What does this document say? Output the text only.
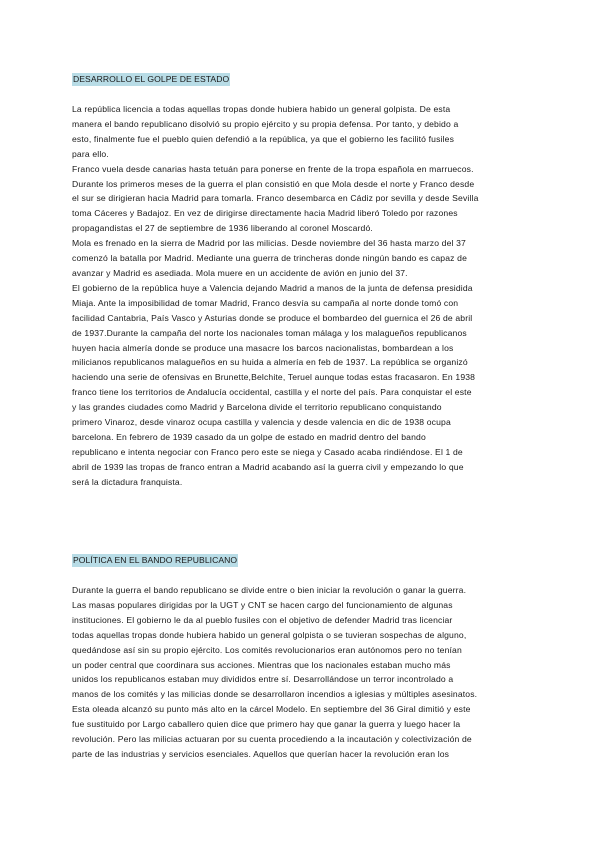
DESARROLLO EL GOLPE DE ESTADO
La república licencia a todas aquellas tropas donde hubiera habido un general golpista. De esta
manera el bando republicano disolvió su propio ejército y su propia defensa. Por tanto, y debido a
esto, finalmente fue el pueblo quien defendió a la república, ya que el gobierno les facilitó fusiles
para ello.
Franco vuela desde canarias hasta tetuán para ponerse en frente de la tropa española en marruecos.
Durante los primeros meses de la guerra el plan consistió en que Mola desde el norte y Franco desde
el sur se dirigieran hacia Madrid para tomarla. Franco desembarca en Cádiz por sevilla y desde Sevilla
toma Cáceres y Badajoz. En vez de dirigirse directamente hacia Madrid liberó Toledo por razones
propagandistas el 27 de septiembre de 1936 liberando al coronel Moscardó.
Mola es frenado en la sierra de Madrid por las milicias. Desde noviembre del 36 hasta marzo del 37
comenzó la batalla por Madrid. Mediante una guerra de trincheras donde ningún bando es capaz de
avanzar y Madrid es asediada. Mola muere en un accidente de avión en junio del 37.
El gobierno de la república huye a Valencia dejando Madrid a manos de la junta de defensa presidida
Miaja. Ante la imposibilidad de tomar Madrid, Franco desvía su campaña al norte donde tomó con
facilidad Cantabria, País Vasco y Asturias donde se produce el bombardeo del guernica el 26 de abril
de 1937.Durante la campaña del norte los nacionales toman málaga y los malagueños republicanos
huyen hacia almería donde se produce una masacre los barcos nacionalistas, bombardean a los
milicianos republicanos malagueños en su huida a almería en feb de 1937. La república se organizó
haciendo una serie de ofensivas en Brunette,Belchite, Teruel aunque todas estas fracasaron. En 1938
franco tiene los territorios de Andalucía occidental, castilla y el norte del país. Para conquistar el este
y las grandes ciudades como Madrid y Barcelona divide el territorio republicano conquistando
primero Vinaroz, desde vinaroz ocupa castilla y valencia y desde valencia en dic de 1938 ocupa
barcelona. En febrero de 1939 casado da un golpe de estado en madrid dentro del bando
republicano e intenta negociar con Franco pero este se niega y Casado acaba rindiéndose. El 1 de
abril de 1939 las tropas de franco entran a Madrid acabando así la guerra civil y empezando lo que
será la dictadura franquista.
POLÍTICA EN EL BANDO REPUBLICANO
Durante la guerra el bando republicano se divide entre o bien iniciar la revolución o ganar la guerra.
Las masas populares dirigidas por la UGT y CNT se hacen cargo del funcionamiento de algunas
instituciones. El gobierno le da al pueblo fusiles con el objetivo de defender Madrid tras licenciar
todas aquellas tropas donde hubiera habido un general golpista o se tuvieran sospechas de alguno,
quedándose así sin su propio ejército. Los comités revolucionarios eran autónomos pero no tenían
un poder central que coordinara sus acciones. Mientras que los nacionales estaban mucho más
unidos los republicanos estaban muy divididos entre sí. Desarrollándose un terror incontrolado a
manos de los comités y las milicias donde se desarrollaron incendios a iglesias y múltiples asesinatos.
Esta oleada alcanzó su punto más alto en la cárcel Modelo. En septiembre del 36 Giral dimitió y este
fue sustituido por Largo caballero quien dice que primero hay que ganar la guerra y luego hacer la
revolución. Pero las milicias actuaran por su cuenta procediendo a la incautación y colectivización de
parte de las industrias y servicios esenciales. Aquellos que querían hacer la revolución eran los
